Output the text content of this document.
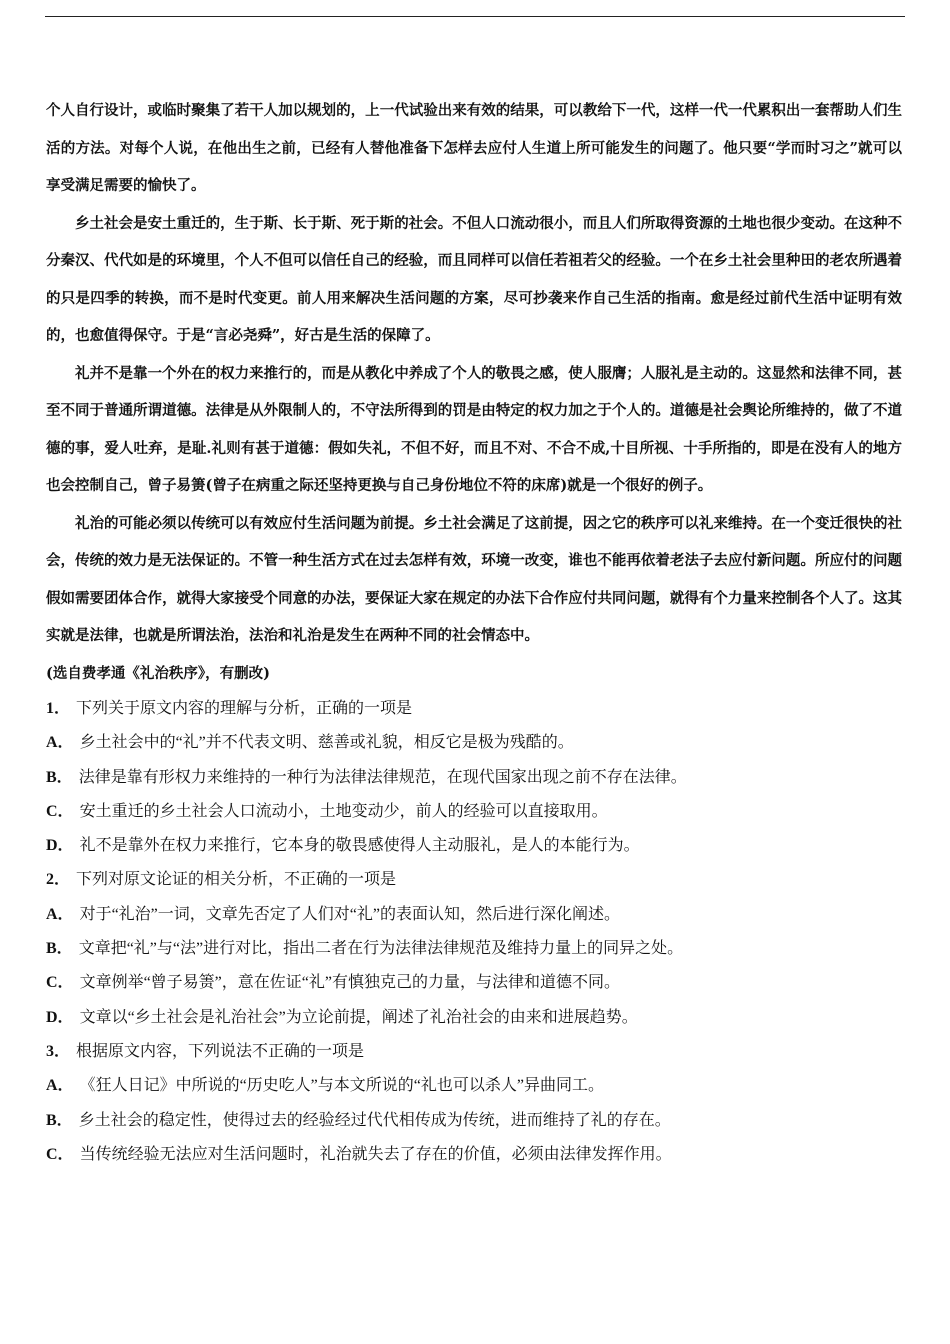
个人自行设计，或临时聚集了若干人加以规划的，上一代试验出来有效的结果，可以教给下一代，这样一代一代累积出一套帮助人们生活的方法。对每个人说，在他出生之前，已经有人替他准备下怎样去应付人生道上所可能发生的问题了。他只要“学而时习之”就可以享受满足需要的愉快了。

乡土社会是安土重迁的，生于斯、长于斯、死于斯的社会。不但人口流动很小，而且人们所取得资源的土地也很少变动。在这种不分秦汉、代代如是的环境里，个人不但可以信任自己的经验，而且同样可以信任若祖若父的经验。一个在乡土社会里种田的老农所遇着的只是四季的转换，而不是时代变更。前人用来解决生活问题的方案，尽可抄袭来作自己生活的指南。愈是经过前代生活中证明有效的，也愈值得保守。于是“言必尧舜”，好古是生活的保障了。

礼并不是靠一个外在的权力来推行的，而是从教化中养成了个人的敬畏之感，使人服膺；人服礼是主动的。这显然和法律不同，甚至不同于普通所谓道德。法律是从外限制人的，不守法所得到的罚是由特定的权力加之于个人的。道德是社会舆论所维持的，做了不道德的事，爱人吐弃，是耻.礼则有甚于道德：假如失礼，不但不好，而且不对、不合不成,十目所视、十手所指的，即是在没有人的地方也会控制自己，曾子易箦(曾子在病重之际还坚持更换与自己身份地位不符的床席)就是一个很好的例子。

礼治的可能必须以传统可以有效应付生活问题为前提。乡土社会满足了这前提，因之它的秩序可以礼来维持。在一个变迁很快的社会，传统的效力是无法保证的。不管一种生活方式在过去怎样有效，环境一改变，谁也不能再依着老法子去应付新问题。所应付的问题假如需要团体合作，就得大家接受个同意的办法，要保证大家在规定的办法下合作应付共同问题，就得有个力量来控制各个人了。这其实就是法律，也就是所谓法治，法治和礼治是发生在两种不同的社会情态中。

(选自费孝通《礼治秩序》，有删改)

1． 下列关于原文内容的理解与分析，正确的一项是
A． 乡土社会中的“礼”并不代表文明、慈善或礼貌，相反它是极为残酷的。
B． 法律是靠有形权力来维持的一种行为法律法律规范，在现代国家出现之前不存在法律。
C． 安土重迁的乡土社会人口流动小，土地变动少，前人的经验可以直接取用。
D． 礼不是靠外在权力来推行，它本身的敬畏感使得人主动服礼，是人的本能行为。
2． 下列对原文论证的相关分析，不正确的一项是
A． 对于“礼治”一词，文章先否定了人们对“礼”的表面认知，然后进行深化阐述。
B． 文章把“礼”与“法”进行对比，指出二者在行为法律法律规范及维持力量上的同异之处。
C． 文章例举“曾子易箦”，意在佐证“礼”有慎独克己的力量，与法律和道德不同。
D． 文章以“乡土社会是礼治社会”为立论前提，阐述了礼治社会的由来和进展趋势。
3． 根据原文内容，下列说法不正确的一项是
A． 《狂人日记》中所说的“历史吃人”与本文所说的“礼也可以杀人”异曲同工。
B． 乡土社会的稳定性，使得过去的经验经过代代相传成为传统，进而维持了礼的存在。
C． 当传统经验无法应对生活问题时，礼治就失去了存在的价值，必须由法律发挥作用。
